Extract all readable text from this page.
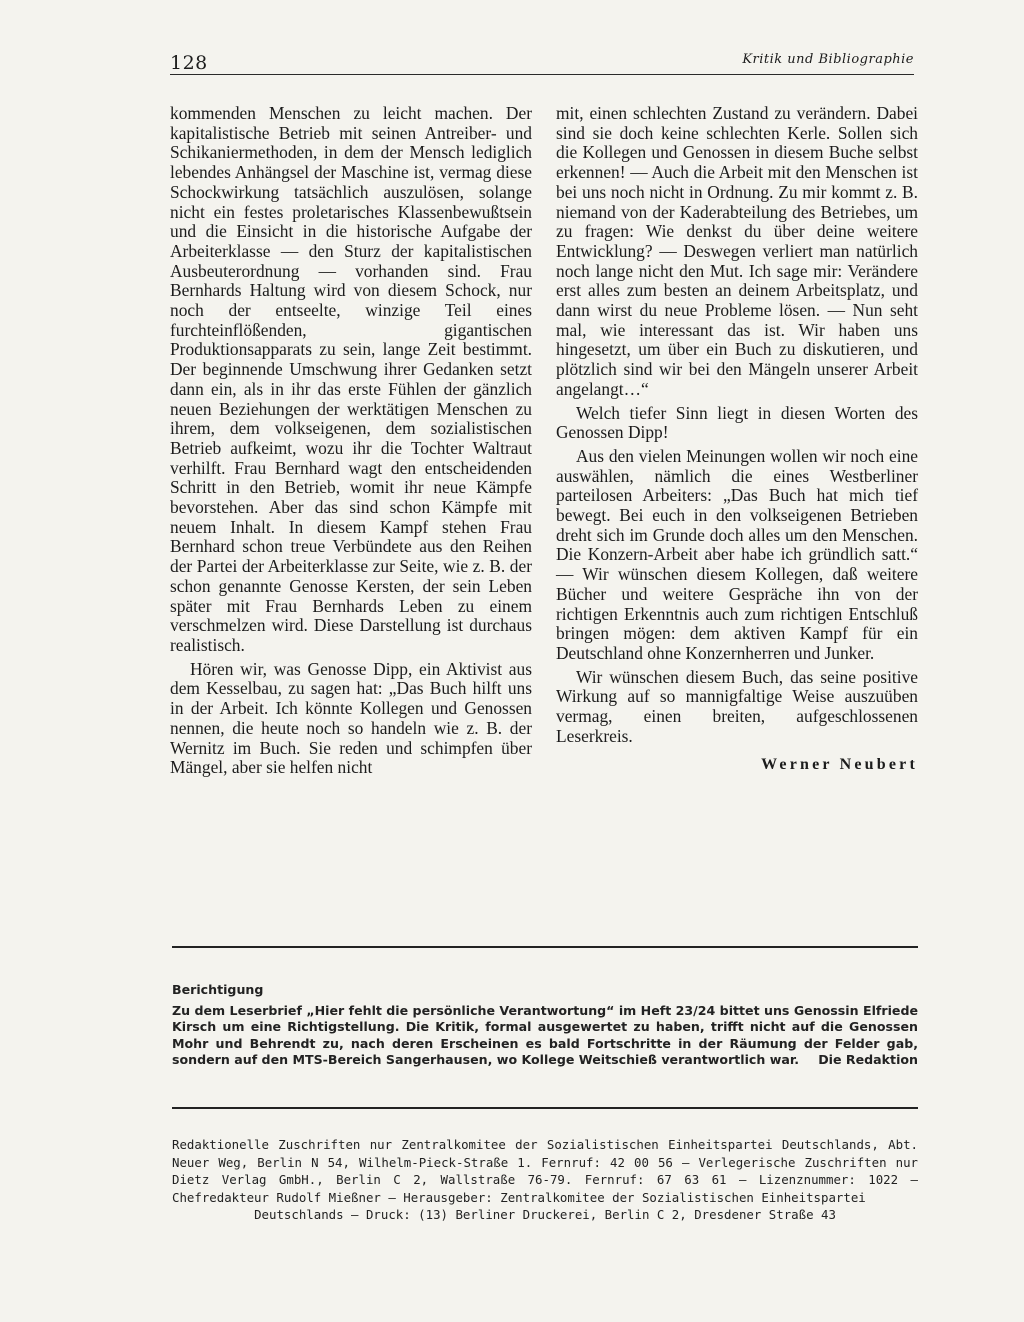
128	Kritik und Bibliographie

kommenden Menschen zu leicht machen. Der kapitalistische Betrieb mit seinen Antreiber- und Schikaniermethoden, in dem der Mensch lediglich lebendes Anhängsel der Maschine ist, vermag diese Schockwirkung tatsächlich auszulösen, solange nicht ein festes proletarisches Klassenbewußtsein und die Einsicht in die historische Aufgabe der Arbeiterklasse — den Sturz der kapitalistischen Ausbeuterordnung — vorhanden sind. Frau Bernhards Haltung wird von diesem Schock, nur noch der entseelte, winzige Teil eines furchteinflößenden, gigantischen Produktionsapparats zu sein, lange Zeit bestimmt. Der beginnende Umschwung ihrer Gedanken setzt dann ein, als in ihr das erste Fühlen der gänzlich neuen Beziehungen der werktätigen Menschen zu ihrem, dem volkseigenen, dem sozialistischen Betrieb aufkeimt, wozu ihr die Tochter Waltraut verhilft. Frau Bernhard wagt den entscheidenden Schritt in den Betrieb, womit ihr neue Kämpfe bevorstehen. Aber das sind schon Kämpfe mit neuem Inhalt. In diesem Kampf stehen Frau Bernhard schon treue Verbündete aus den Reihen der Partei der Arbeiterklasse zur Seite, wie z. B. der schon genannte Genosse Kersten, der sein Leben später mit Frau Bernhards Leben zu einem verschmelzen wird. Diese Darstellung ist durchaus realistisch.

Hören wir, was Genosse Dipp, ein Aktivist aus dem Kesselbau, zu sagen hat: „Das Buch hilft uns in der Arbeit. Ich könnte Kollegen und Genossen nennen, die heute noch so handeln wie z. B. der Wernitz im Buch. Sie reden und schimpfen über Mängel, aber sie helfen nicht

mit, einen schlechten Zustand zu verändern. Dabei sind sie doch keine schlechten Kerle. Sollen sich die Kollegen und Genossen in diesem Buche selbst erkennen! — Auch die Arbeit mit den Menschen ist bei uns noch nicht in Ordnung. Zu mir kommt z. B. niemand von der Kaderabteilung des Betriebes, um zu fragen: Wie denkst du über deine weitere Entwicklung? — Deswegen verliert man natürlich noch lange nicht den Mut. Ich sage mir: Verändere erst alles zum besten an deinem Arbeitsplatz, und dann wirst du neue Probleme lösen. — Nun seht mal, wie interessant das ist. Wir haben uns hingesetzt, um über ein Buch zu diskutieren, und plötzlich sind wir bei den Mängeln unserer Arbeit angelangt…“

Welch tiefer Sinn liegt in diesen Worten des Genossen Dipp!

Aus den vielen Meinungen wollen wir noch eine auswählen, nämlich die eines Westberliner parteilosen Arbeiters: „Das Buch hat mich tief bewegt. Bei euch in den volkseigenen Betrieben dreht sich im Grunde doch alles um den Menschen. Die Konzern-Arbeit aber habe ich gründlich satt.“ — Wir wünschen diesem Kollegen, daß weitere Bücher und weitere Gespräche ihn von der richtigen Erkenntnis auch zum richtigen Entschluß bringen mögen: dem aktiven Kampf für ein Deutschland ohne Konzernherren und Junker.

Wir wünschen diesem Buch, das seine positive Wirkung auf so mannigfaltige Weise auszuüben vermag, einen breiten, aufgeschlossenen Leserkreis.

Werner Neubert

Berichtigung

Zu dem Leserbrief „Hier fehlt die persönliche Verantwortung“ im Heft 23/24 bittet uns Genossin Elfriede Kirsch um eine Richtigstellung. Die Kritik, formal ausgewertet zu haben, trifft nicht auf die Genossen Mohr und Behrendt zu, nach deren Erscheinen es bald Fortschritte in der Räumung der Felder gab, sondern auf den MTS-Bereich Sangerhausen, wo Kollege Weitschieß verantwortlich war. Die Redaktion

Redaktionelle Zuschriften nur Zentralkomitee der Sozialistischen Einheitspartei Deutschlands, Abt. Neuer Weg, Berlin N 54, Wilhelm-Pieck-Straße 1. Fernruf: 42 00 56 — Verlegerische Zuschriften nur Dietz Verlag GmbH., Berlin C 2, Wallstraße 76-79. Fernruf: 67 63 61 — Lizenznummer: 1022 — Chefredakteur Rudolf Mießner — Herausgeber: Zentralkomitee der Sozialistischen Einheitspartei

Deutschlands — Druck: (13) Berliner Druckerei, Berlin C 2, Dresdener Straße 43
